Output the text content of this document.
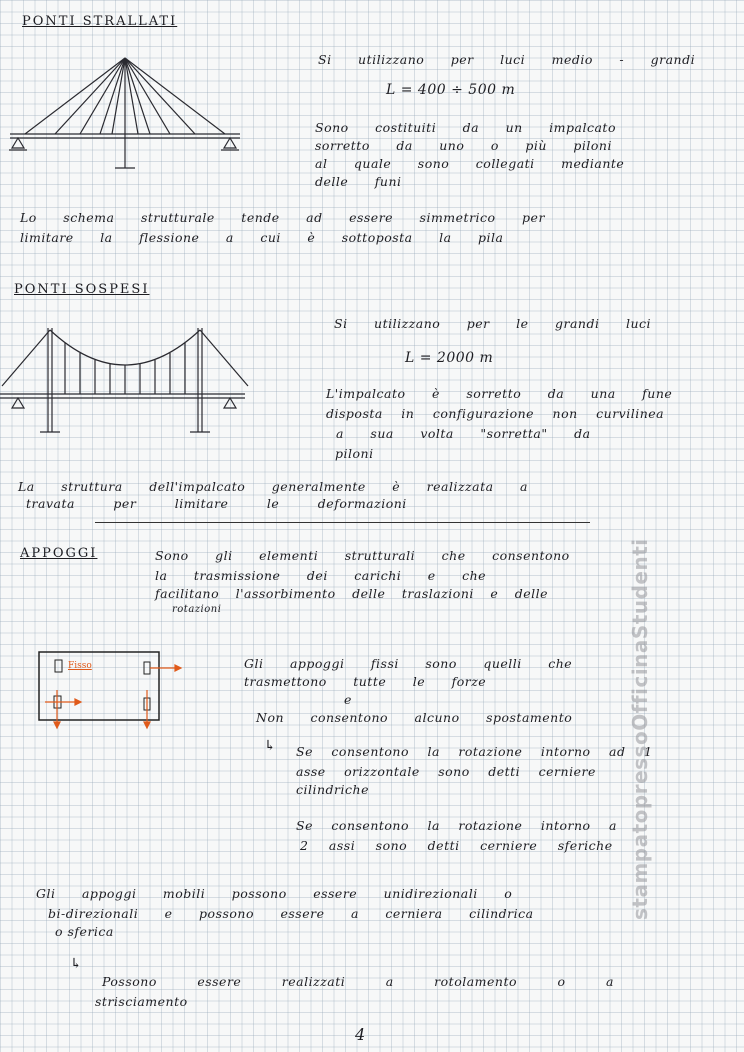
PONTI STRALLATI
Si utilizzano per luci medio - grandi
L = 400 ÷ 500 m
Sono costituiti da un impalcato
sorretto da uno o più piloni
al quale sono collegati mediante
delle funi
Lo schema strutturale tende ad essere simmetrico per
limitare la flessione a cui è sottoposta la pila
PONTI SOSPESI
Si utilizzano per le grandi luci
L = 2000 m
L'impalcato è sorretto da una fune
disposta in configurazione non curvilinea
a sua volta "sorretta" da
piloni
La struttura dell'impalcato generalmente è realizzata a
travata per limitare le deformazioni
APPOGGI	Sono gli elementi strutturali che consentono
la trasmissione dei carichi e che
facilitano l'assorbimento delle traslazioni e delle
rotazioni
Fisso	Gli appoggi fissi sono quelli che
trasmettono tutte le forze
e
Non consentono alcuno spostamento
↳ Se consentono la rotazione intorno ad 1
asse orizzontale sono detti cerniere
cilindriche
Se consentono la rotazione intorno a
2 assi sono detti cerniere sferiche
Gli appoggi mobili possono essere unidirezionali o
bi-direzionali e possono essere a cerniera cilindrica
o sferica
↳
Possono essere realizzati a rotolamento o a
strisciamento
4
stampatopressoOfficinaStudenti
